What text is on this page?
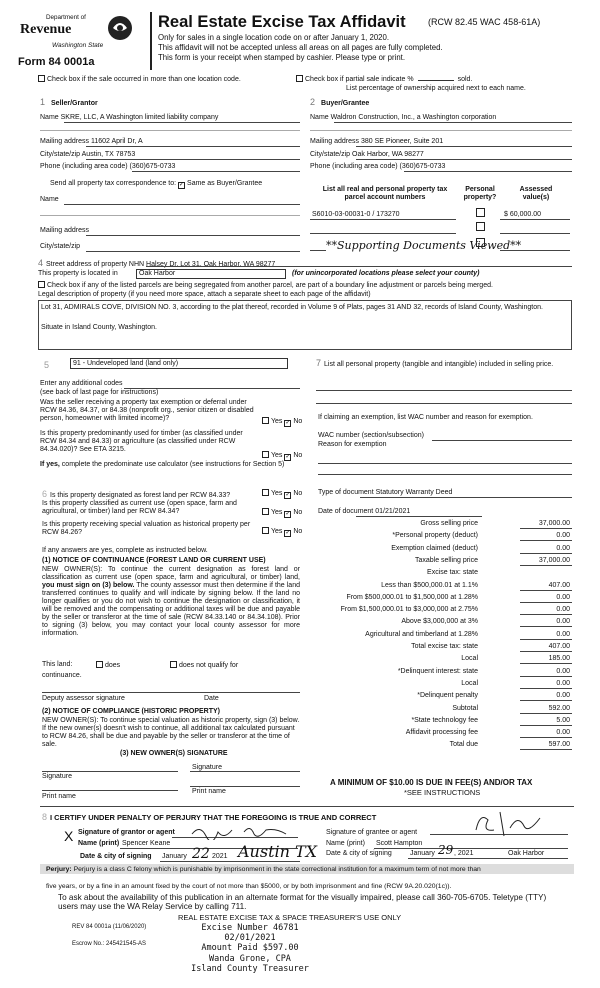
Department of
Revenue
Washington State
Form 84 0001a
Real Estate Excise Tax Affidavit (RCW 82.45 WAC 458-61A)
Only for sales in a single location code on or after January 1, 2020.
This affidavit will not be accepted unless all areas on all pages are fully completed.
This form is your receipt when stamped by cashier. Please type or print.
Check box if the sale occurred in more than one location code.	Check box if partial sale indicate %	sold.
List percentage of ownership acquired next to each name.
1 Seller/Grantor
Name SKRE, LLC, A Washington limited liability company
Mailing address 11602 April Dr, A
City/state/zip Austin, TX 78753
Phone (including area code) (360)675-0733
2 Buyer/Grantee
Name Waldron Construction, Inc., a Washington corporation
Mailing address 380 SE Pioneer, Suite 201
City/state/zip Oak Harbor, WA 98277
Phone (including area code) (360)675-0733
Send all property tax correspondence to: ✓ Same as Buyer/Grantee
Name
Mailing address
City/state/zip
List all real and personal property tax parcel account numbers
Personal property?
Assessed value(s)
S6010-03-00031-0 / 173270	$ 60,000.00
**Supporting Documents Viewed**
4 Street address of property NHN Halsey Dr, Lot 31, Oak Harbor, WA 98277
This property is located in	Oak Harbor	(for unincorporated locations please select your county)
Check box if any of the listed parcels are being segregated from another parcel, are part of a boundary line adjustment or parcels being merged.
Legal description of property (if you need more space, attach a separate sheet to each page of the affidavit)
Lot 31, ADMIRALS COVE, DIVISION NO. 3, according to the plat thereof, recorded in Volume 9 of Plats, pages 31 AND 32, records of Island County, Washington.
Situate in Island County, Washington.
5	91 - Undeveloped land (land only)
Enter any additional codes
(see back of last page for instructions)
Was the seller receiving a property tax exemption or deferral under RCW 84.36, 84.37, or 84.38 (nonprofit org., senior citizen or disabled person, homeowner with limited income)?	Yes ✓ No
Is this property predominantly used for timber (as classified under RCW 84.34 and 84.33) or agriculture (as classified under RCW 84.34.020)? See ETA 3215.
Yes ✓ No
If yes, complete the predominate use calculator (see instructions for Section 5)
7 List all personal property (tangible and intangible) included in selling price.
If claiming an exemption, list WAC number and reason for exemption.
WAC number (section/subsection)
Reason for exemption
6 Is this property designated as forest land per RCW 84.33?	Yes ✓ No
Is this property classified as current use (open space, farm and agricultural, or timber) land per RCW 84.34?	Yes ✓ No
Is this property receiving special valuation as historical property per RCW 84.26?	Yes ✓ No
If any answers are yes, complete as instructed below.
(1) NOTICE OF CONTINUANCE (FOREST LAND OR CURRENT USE)
NEW OWNER(S): To continue the current designation as forest land or classification as current use (open space, farm and agricultural, or timber) land, you must sign on (3) below. The county assessor must then determine if the land transferred continues to qualify and will indicate by signing below. If the land no longer qualifies or you do not wish to continue the designation or classification, it will be removed and the compensating or additional taxes will be due and payable by the seller or transferor at the time of sale (RCW 84.33.140 or 84.34.108). Prior to signing (3) below, you may contact your local county assessor for more information.
This land:	does	does not qualify for
continuance.
Deputy assessor signature	Date
(2) NOTICE OF COMPLIANCE (HISTORIC PROPERTY)
NEW OWNER(S): To continue special valuation as historic property, sign (3) below. If the new owner(s) doesn't wish to continue, all additional tax calculated pursuant to RCW 84.26, shall be due and payable by the seller or transferor at the time of sale.
(3) NEW OWNER(S) SIGNATURE
Signature
Signature
Print name
Print name
Type of document Statutory Warranty Deed
Date of document 01/21/2021
Gross selling price	37,000.00
*Personal property (deduct)	0.00
Exemption claimed (deduct)	0.00
Taxable selling price	37,000.00
Excise tax: state
Less than $500,000.01 at 1.1%	407.00
From $500,000.01 to $1,500,000 at 1.28%	0.00
From $1,500,000.01 to $3,000,000 at 2.75%	0.00
Above $3,000,000 at 3%	0.00
Agricultural and timberland at 1.28%	0.00
Total excise tax: state	407.00
Local	185.00
*Delinquent interest: state	0.00
Local	0.00
*Delinquent penalty	0.00
Subtotal	592.00
*State technology fee	5.00
Affidavit processing fee	0.00
Total due	597.00
A MINIMUM OF $10.00 IS DUE IN FEE(S) AND/OR TAX
*SEE INSTRUCTIONS
8 I CERTIFY UNDER PENALTY OF PERJURY THAT THE FOREGOING IS TRUE AND CORRECT
X Signature of grantor or agent
Name (print) Spencer Keane
Date & city of signing January 22 2021 Austin TX
Signature of grantee or agent
Name (print) Scott Hampton
Date & city of signing	January 29 , 2021	Oak Harbor
Perjury: Perjury is a class C felony which is punishable by imprisonment in the state correctional institution for a maximum term of not more than
five years, or by a fine in an amount fixed by the court of not more than $5000, or by both imprisonment and fine (RCW 9A.20.020(1c)).
To ask about the availability of this publication in an alternate format for the visually impaired, please call 360-705-6705. Teletype (TTY) users may use the WA Relay Service by calling 711.
REV 84 0001a (11/06/2020)
Escrow No.: 245421545-AS
REAL ESTATE EXCISE TAX & SPACE TREASURER'S USE ONLY
Excise Number 46781
02/01/2021
Amount Paid $597.00
Wanda Grone, CPA
Island County Treasurer
